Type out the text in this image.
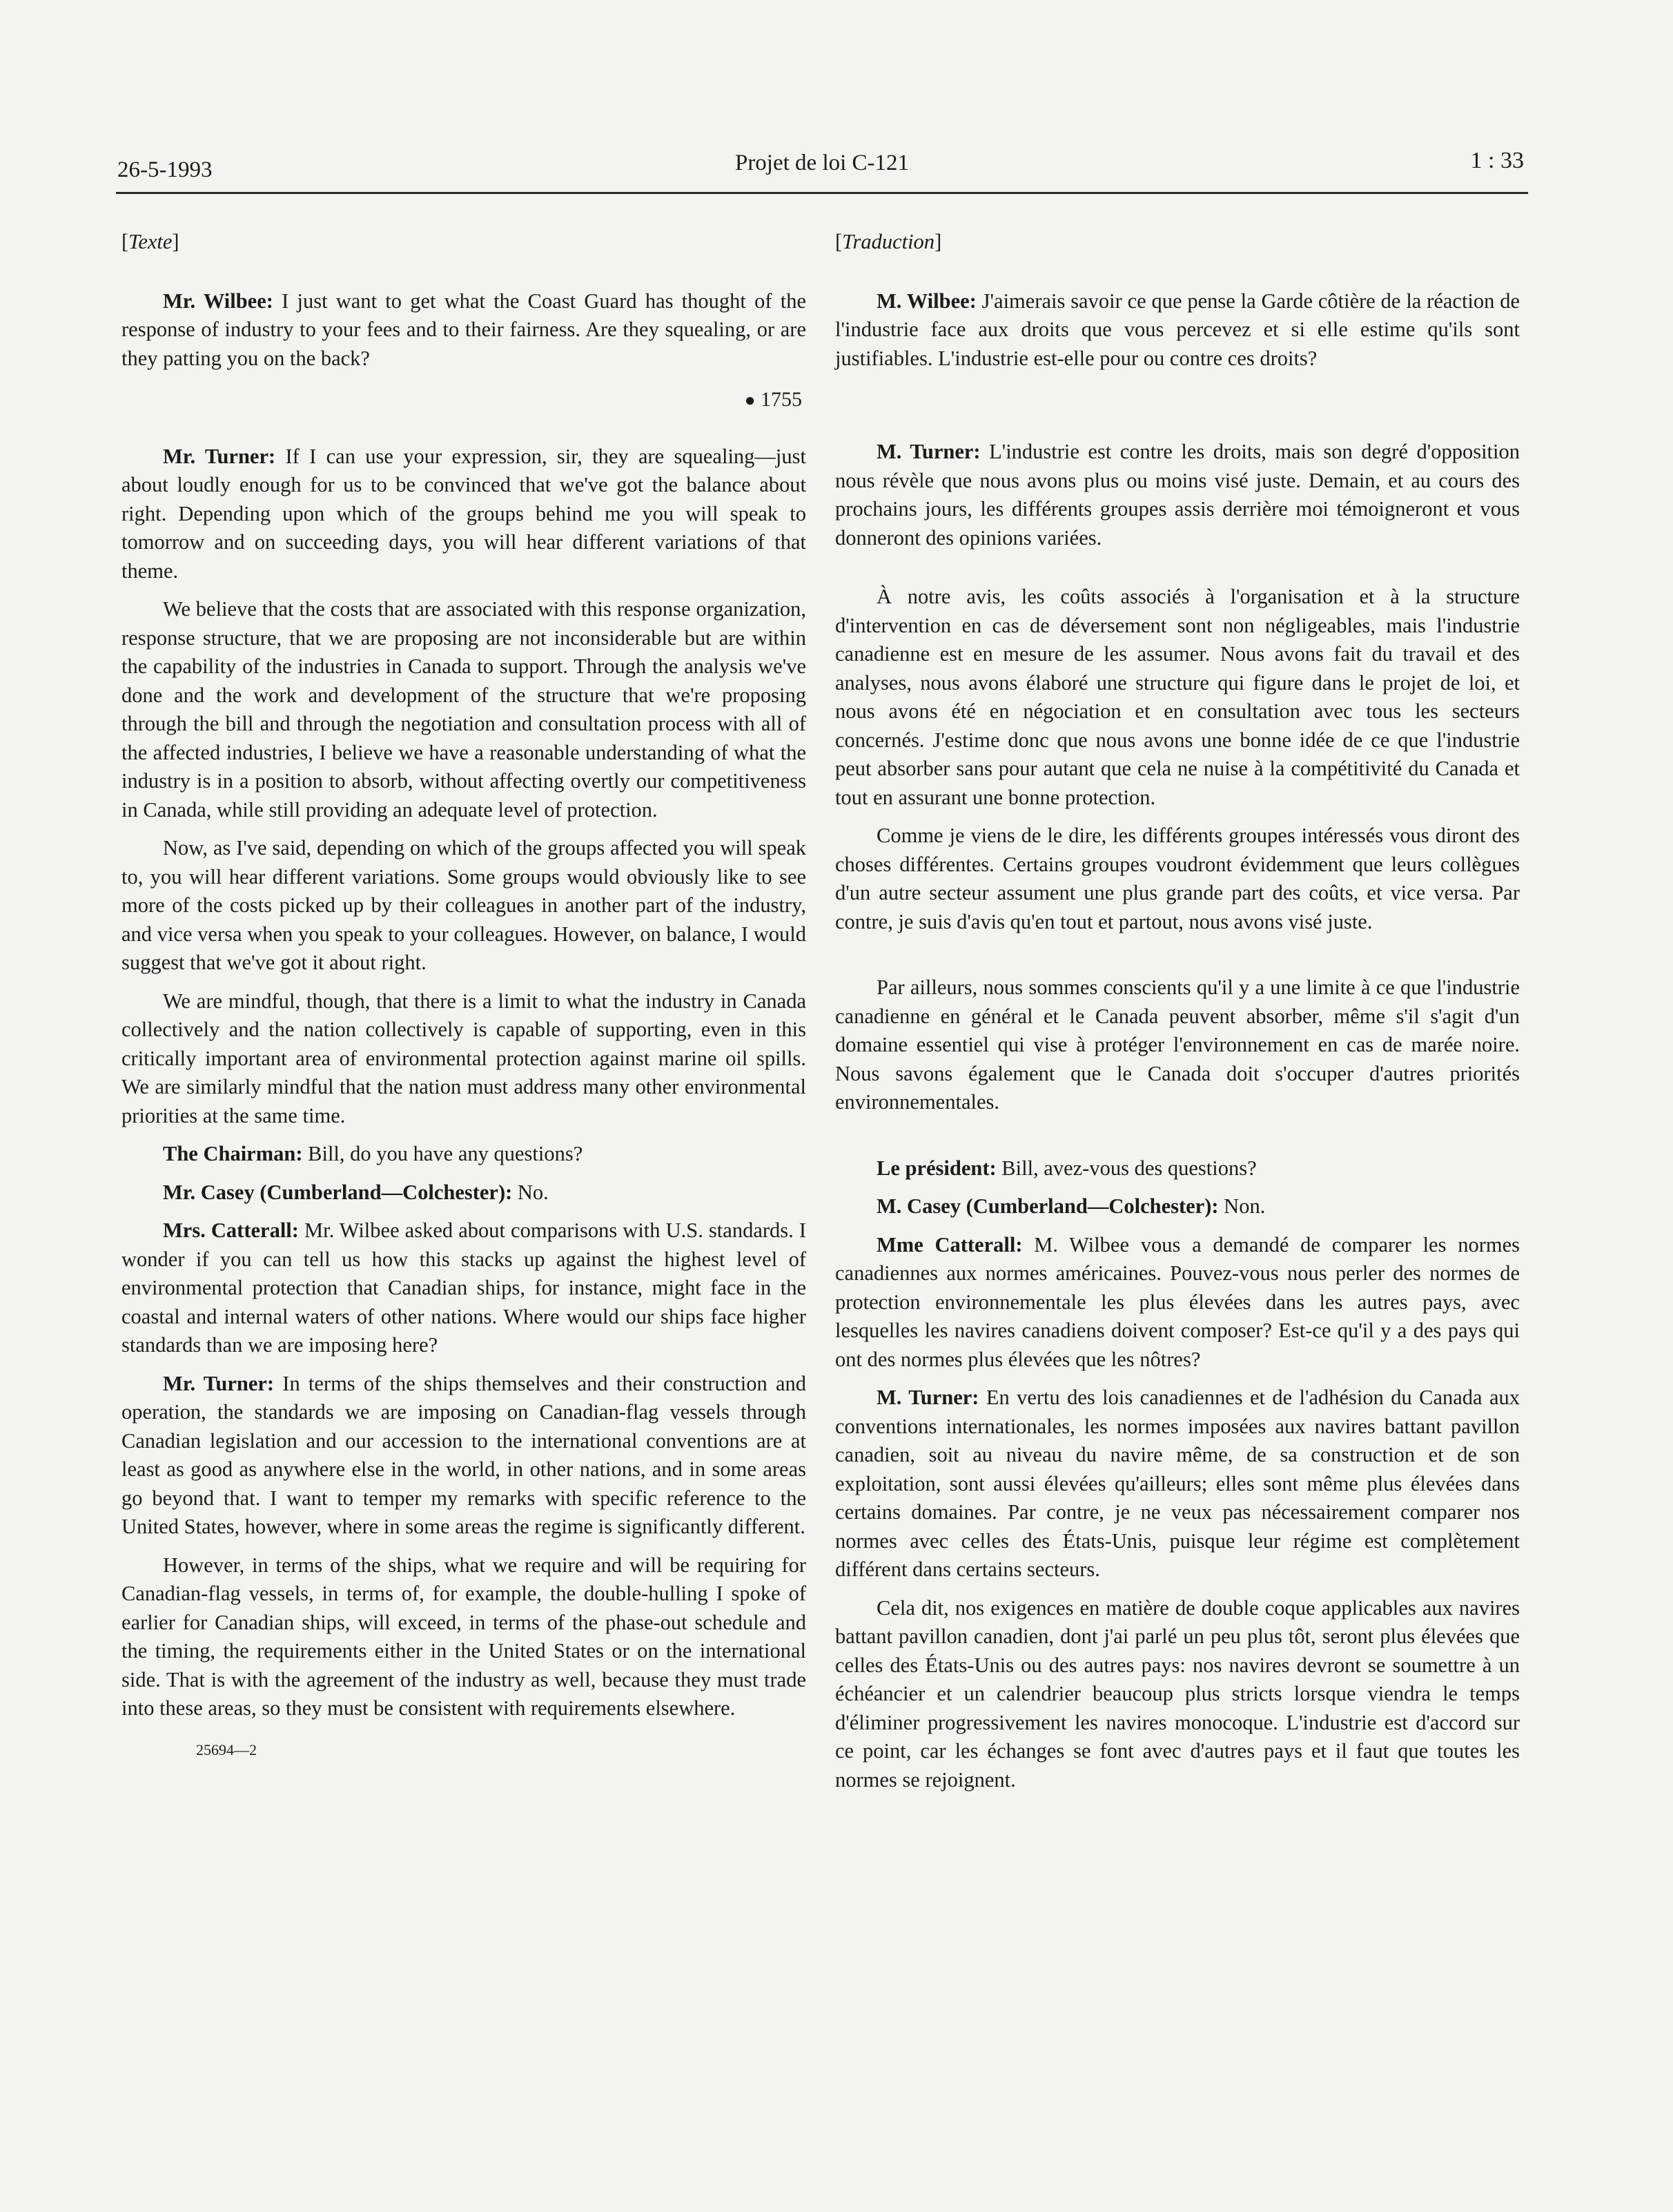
26-5-1993	Projet de loi C-121	1 : 33

[Texte]

Mr. Wilbee: I just want to get what the Coast Guard has thought of the response of industry to your fees and to their fairness. Are they squealing, or are they patting you on the back?

● 1755

Mr. Turner: If I can use your expression, sir, they are squealing—just about loudly enough for us to be convinced that we've got the balance about right. Depending upon which of the groups behind me you will speak to tomorrow and on succeeding days, you will hear different variations of that theme.

We believe that the costs that are associated with this response organization, response structure, that we are proposing are not inconsiderable but are within the capability of the industries in Canada to support. Through the analysis we've done and the work and development of the structure that we're proposing through the bill and through the negotiation and consultation process with all of the affected industries, I believe we have a reasonable understanding of what the industry is in a position to absorb, without affecting overtly our competitiveness in Canada, while still providing an adequate level of protection.

Now, as I've said, depending on which of the groups affected you will speak to, you will hear different variations. Some groups would obviously like to see more of the costs picked up by their colleagues in another part of the industry, and vice versa when you speak to your colleagues. However, on balance, I would suggest that we've got it about right.

We are mindful, though, that there is a limit to what the industry in Canada collectively and the nation collectively is capable of supporting, even in this critically important area of environmental protection against marine oil spills. We are similarly mindful that the nation must address many other environmental priorities at the same time.

The Chairman: Bill, do you have any questions?

Mr. Casey (Cumberland—Colchester): No.

Mrs. Catterall: Mr. Wilbee asked about comparisons with U.S. standards. I wonder if you can tell us how this stacks up against the highest level of environmental protection that Canadian ships, for instance, might face in the coastal and internal waters of other nations. Where would our ships face higher standards than we are imposing here?

Mr. Turner: In terms of the ships themselves and their construction and operation, the standards we are imposing on Canadian-flag vessels through Canadian legislation and our accession to the international conventions are at least as good as anywhere else in the world, in other nations, and in some areas go beyond that. I want to temper my remarks with specific reference to the United States, however, where in some areas the regime is significantly different.

However, in terms of the ships, what we require and will be requiring for Canadian-flag vessels, in terms of, for example, the double-hulling I spoke of earlier for Canadian ships, will exceed, in terms of the phase-out schedule and the timing, the requirements either in the United States or on the international side. That is with the agreement of the industry as well, because they must trade into these areas, so they must be consistent with requirements elsewhere.

25694—2

[Traduction]

M. Wilbee: J'aimerais savoir ce que pense la Garde côtière de la réaction de l'industrie face aux droits que vous percevez et si elle estime qu'ils sont justifiables. L'industrie est-elle pour ou contre ces droits?

M. Turner: L'industrie est contre les droits, mais son degré d'opposition nous révèle que nous avons plus ou moins visé juste. Demain, et au cours des prochains jours, les différents groupes assis derrière moi témoigneront et vous donneront des opinions variées.

À notre avis, les coûts associés à l'organisation et à la structure d'intervention en cas de déversement sont non négligeables, mais l'industrie canadienne est en mesure de les assumer. Nous avons fait du travail et des analyses, nous avons élaboré une structure qui figure dans le projet de loi, et nous avons été en négociation et en consultation avec tous les secteurs concernés. J'estime donc que nous avons une bonne idée de ce que l'industrie peut absorber sans pour autant que cela ne nuise à la compétitivité du Canada et tout en assurant une bonne protection.

Comme je viens de le dire, les différents groupes intéressés vous diront des choses différentes. Certains groupes voudront évidemment que leurs collègues d'un autre secteur assument une plus grande part des coûts, et vice versa. Par contre, je suis d'avis qu'en tout et partout, nous avons visé juste.

Par ailleurs, nous sommes conscients qu'il y a une limite à ce que l'industrie canadienne en général et le Canada peuvent absorber, même s'il s'agit d'un domaine essentiel qui vise à protéger l'environnement en cas de marée noire. Nous savons également que le Canada doit s'occuper d'autres priorités environnementales.

Le président: Bill, avez-vous des questions?

M. Casey (Cumberland—Colchester): Non.

Mme Catterall: M. Wilbee vous a demandé de comparer les normes canadiennes aux normes américaines. Pouvez-vous nous perler des normes de protection environnementale les plus élevées dans les autres pays, avec lesquelles les navires canadiens doivent composer? Est-ce qu'il y a des pays qui ont des normes plus élevées que les nôtres?

M. Turner: En vertu des lois canadiennes et de l'adhésion du Canada aux conventions internationales, les normes imposées aux navires battant pavillon canadien, soit au niveau du navire même, de sa construction et de son exploitation, sont aussi élevées qu'ailleurs; elles sont même plus élevées dans certains domaines. Par contre, je ne veux pas nécessairement comparer nos normes avec celles des États-Unis, puisque leur régime est complètement différent dans certains secteurs.

Cela dit, nos exigences en matière de double coque applicables aux navires battant pavillon canadien, dont j'ai parlé un peu plus tôt, seront plus élevées que celles des États-Unis ou des autres pays: nos navires devront se soumettre à un échéancier et un calendrier beaucoup plus stricts lorsque viendra le temps d'éliminer progressivement les navires monocoque. L'industrie est d'accord sur ce point, car les échanges se font avec d'autres pays et il faut que toutes les normes se rejoignent.
